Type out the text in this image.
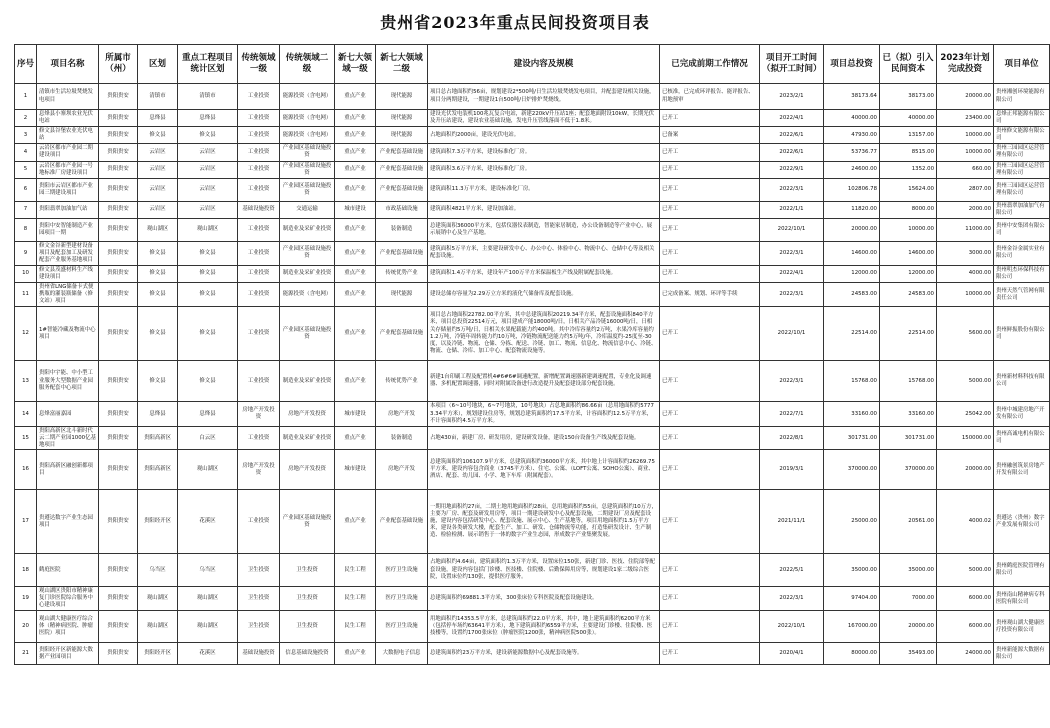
贵州省2023年重点民间投资项目表
序号	项目名称	所属市（州）	区划	重点工程项目统计区划	传统领域一级	传统领域二级	新七大领域一级	新七大领域二级	建设内容及规模	已完成前期工作情况	项目开工时间（拟开工时间）	项目总投资	已（拟）引入民间资本	2023年计划完成投资	项目单位

1	清镇市生活垃圾焚烧发电项目	贵阳贵安	清镇市	清镇市	工业投资	能源投资（含电网）	重点产业	现代能源	项目总占地面积约56亩，规划建设2*500吨/日生活垃圾焚烧发电项目，并配套建设相关设施，项目分两期建设，一期建设1台500吨/日炉排炉焚烧线。	已核准，已完成环评报告、能评报告、用地预审	2023/2/1	38173.64	38173.00	20000.00	贵州湘创环境能源有限公司

2	息烽县小寨坝农业光伏电站	贵阳贵安	息烽县	息烽县	工业投资	能源投资（含电网）	重点产业	现代能源	建设光伏发电装机100兆瓦复合电站，新建220kV升压站1座；配套地面附设10kW，长期光伏及升压站建设，建设农业基础设施，发电升压管线落面不低于1.8米。	已开工	2022/4/1	40000.00	40000.00	23400.00	息烽正邦能源有限公司

3	修文县谷堡农业光伏电站	贵阳贵安	修文县	修文县	工业投资	能源投资（含电网）	重点产业	现代能源	占地面积约2000亩，建设光伏电站。	已备案	2022/6/1	47930.00	13157.00	10000.00	贵州修文能源有限公司

4	云岩区都市产业园二期建设项目	贵阳贵安	云岩区	云岩区	工业投资	产业园区基础设施投资	重点产业	产业配套基础设施	建筑面积7.3万平方米，建设标准化厂房。	已开工	2022/6/1	53736.77	8515.00	10000.00	贵州三园园区运营管理有限公司

5	云岩区都市产业园一号地标准厂房建设项目	贵阳贵安	云岩区	云岩区	工业投资	产业园区基础设施投资	重点产业	产业配套基础设施	建筑面积3.6万平方米，建设标准化厂房。	已开工	2022/9/1	24600.00	1352.00	660.00	贵州三园园区运营管理有限公司

6	贵阳市云岩区都市产业园三期建设项目	贵阳贵安	云岩区	云岩区	工业投资	产业园区基础设施投资	重点产业	产业配套基础设施	建筑面积11.3万平方米，建设标准化厂房。	已开工	2022/3/1	102806.78	15624.00	2807.00	贵州三园园区运营管理有限公司

7	贵阳翡翠加油加气站	贵阳贵安	云岩区	云岩区	基础设施投资	交通运输	城市建设	市政基础设施	建筑面积4821平方米，建设加油站。	已开工	2022/1/1	11820.00	8000.00	2000.00	贵州翡翠加油加气有限公司

8	贵阳中安智能制造产业园项目一期	贵阳贵安	观山湖区	观山湖区	工业投资	制造业及采矿业投资	重点产业	装备制造	总建筑面积36000平方米，包括仪器仪表制造，智能家居制造，办公设备制造等产业中心，展示展销中心及生产基地。	已开工	2022/10/1	20000.00	10000.00	11000.00	贵州中安集团有限公司

9	修文金谷新型建材设备项目及配套加工及研发配套产业服务基地项目	贵阳贵安	修文县	修文县	工业投资	产业园区基础设施投资	重点产业	产业配套基础设施	建筑面积5万平方米，主要建设研发中心、办公中心、体验中心、物流中心、仓储中心等及相关配套设施。	已开工	2022/3/1	14600.00	14600.00	3000.00	贵州金谷金属实业有限公司

10	修文县茂盛材料生产线建设项目	贵阳贵安	修文县	修文县	工业投资	制造业及采矿业投资	重点产业	传统优势产业	建筑面积1.4万平方米，建设年产100万平方米保温板生产线及附属配套设施。	已开工	2022/4/1	12000.00	12000.00	4000.00	贵州明杰环保科技有限公司

11	贵州省LNG储备卡式便携瓶的灌装瓶储备（修文站）项目	贵阳贵安	修文县	修文县	工业投资	能源投资（含电网）	重点产业	现代能源	建设总储存容量为2.29万立方米的液化气储备库及配套设施。	已完成备案、规划、环评等手续	2022/3/1	24583.00	24583.00	10000.00	贵州天然气管网有限责任公司

12	1#智能冷藏及物流中心项目	贵阳贵安	修文县	修文县	工业投资	产业园区基础设施投资	重点产业	产业配套基础设施	项目总占地面积22782.00平方米，其中总建筑面积20219.34平方米，配套设施面积840平方米，项目总投资22514万元，项目建成产能18000吨/日，日相关产品冷链16000吨/日，日相关存储量约5万吨/日，日相关水果配载能力约400吨。其中冷库容量约2万吨，水果冷库容量约1.2万吨，冷链年周转能力约10万吨，冷链物流配送能力约5万吨/年，冷库温度约-25度至-30度，以及冷链、物流、仓储、分拣、配送、冷链、加工、物流、信息化、物流信息中心、冷链、物流、仓储、冷库、加工中心、配套物流设施等。	已开工	2022/10/1	22514.00	22514.00	5600.00	贵州鲜振股份有限公司

13	贵阳中宇能、中小型工业服务大型数据产业园服务配套中心项目	贵阳贵安	修文县	修文县	工业投资	制造业及采矿业投资	重点产业	传统优势产业	新建1台印刷工程及配置机4#6#6#调速配置，新增配置调速器新建调速配置，专业化及调速器、多机配置调速器，同时对附属设备进行改造提升及配套建设部分配套设施。	已开工	2022/3/1	15768.00	15768.00	5000.00	贵州新材料科技有限公司

14	息烽富丽嘉园	贵阳贵安	息烽县	息烽县	房地产开发投资	房地产开发投资	城市建设	房地产开发	本项目（6~10号地块，6~7号地块，10号地块）占总地面积约86.66亩（总用地面积约57773.34平方米），规划建设住房等，规划总建筑面积约17.5平方米，计容面积约12.5万平方米，不计容面积约4.5万平方米。	已开工	2022/7/1	33160.00	33160.00	25042.00	贵州中城建房地产开发有限公司

15	贵阳高新区北斗新时代云二期产业园1000亿基地项目	贵阳贵安	贵阳高新区	白云区	工业投资	制造业及采矿业投资	重点产业	装备制造	占地430亩，新建厂房、研发用房，建设研发设备，建设150台设备生产线及配套设施。	已开工	2022/8/1	301731.00	301731.00	150000.00	贵州高诚电机有限公司

16	贵阳高新区融创新都项目	贵阳贵安	贵阳高新区	观山湖区	房地产开发投资	房地产开发投资	城市建设	房地产开发	总建筑面积约106107.9平方米，总建筑面积约36000平方米，其中地上计容面积约26269.75平方米，建设内容包含商业（3745平方米）、住宅、公寓、（LOFT公寓、SOHO公寓）、商业、酒店、配套、幼儿园、小学、地下车库（附属配套）。	已开工	2019/3/1	370000.00	370000.00	20000.00	贵州融创筑景房地产开发有限公司

17	贵遵达数字产业生态园项目	贵阳贵安	贵阳经开区	花溪区	工业投资	产业园区基础设施投资	重点产业	产业配套基础设施	一期用地面积约27亩，二期土地用地面积约28亩，总用地面积约55亩，总建筑面积约10万方，主要为厂房、配套及研发用房等，项目一期建设研发中心及配套设施，二期建设厂房及配套设施，建设内容包括研发中心、配套设施、展示中心、生产基地等，项目用地面积约1.5万平方米，建设各类研发大楼，配套生产、加工、研发、仓储物流等功能，打造集研发设计、生产制造、检验检测、展示销售于一体的数字产业生态园，形成数字产业集聚发展。	已开工	2021/11/1	25000.00	20561.00	4000.02	贵遵达（贵州）数字产业发展有限公司

18	鹤庭医院	贵阳贵安	乌当区	乌当区	卫生投资	卫生投资	民生工程	医疗卫生设施	占地面积约4.64亩，建筑面积约1.3万平方米，设置床位150张，新建门诊、医技、住院部等配套设施，建设内容包括门诊楼、医技楼、住院楼、后勤保障用房等，规划建设1家二级综合医院，设置床位约130张，提供医疗服务。	已开工	2022/5/1	35000.00	35000.00	5000.00	贵州鹤庭医院管理有限公司

19	观山湖区贵阳市精神康复门诊医院综合服务中心建设项目	贵阳贵安	观山湖区	观山湖区	卫生投资	卫生投资	民生工程	医疗卫生设施	总建筑面积约69881.3平方米，300张床位专科医院及配套设施建设。	已开工	2022/3/1	97404.00	7000.00	6000.00	贵州南山精神病专科医院有限公司

20	观山湖大健康医疗综合体（精神病医院、肿瘤医院）项目	贵阳贵安	观山湖区	观山湖区	卫生投资	卫生投资	民生工程	医疗卫生设施	用地面积约14353.5平方米，总建筑面积约22.0平方米，其中，地上建筑面积约6200平方米（包括停车场约63641平方米），地下建筑面积约6559平方米，主要建设门诊楼、住院楼、医技楼等，设置约1700张床位（肿瘤医院1200张，精神病医院500张）。	已开工	2022/10/1	167000.00	20000.00	6000.00	贵州观山湖大健康医疗投资有限公司

21	贵阳经开区新能源大数据产业园项目	贵阳贵安	贵阳经开区	花溪区	基础设施投资	信息基础设施投资	重点产业	大数据电子信息	总建筑面积约23万平方米，建设新能源数据中心及配套设施等。	已开工	2020/4/1	80000.00	35493.00	24000.00	贵州新能源大数据有限公司
